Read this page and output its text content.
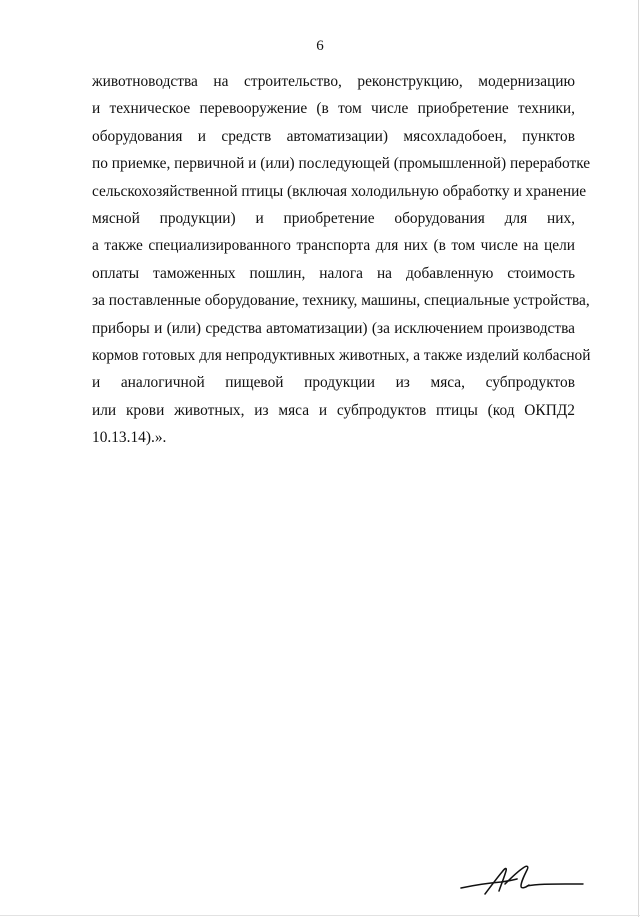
6
животноводства на строительство, реконструкцию, модернизацию
и техническое перевооружение (в том числе приобретение техники,
оборудования и средств автоматизации) мясохладобоен, пунктов
по приемке, первичной и (или) последующей (промышленной) переработке
сельскохозяйственной птицы (включая холодильную обработку и хранение
мясной продукции) и приобретение оборудования для них,
а также специализированного транспорта для них (в том числе на цели
оплаты таможенных пошлин, налога на добавленную стоимость
за поставленные оборудование, технику, машины, специальные устройства,
приборы и (или) средства автоматизации) (за исключением производства
кормов готовых для непродуктивных животных, а также изделий колбасной
и аналогичной пищевой продукции из мяса, субпродуктов
или крови животных, из мяса и субпродуктов птицы (код ОКПД2
10.13.14).».
